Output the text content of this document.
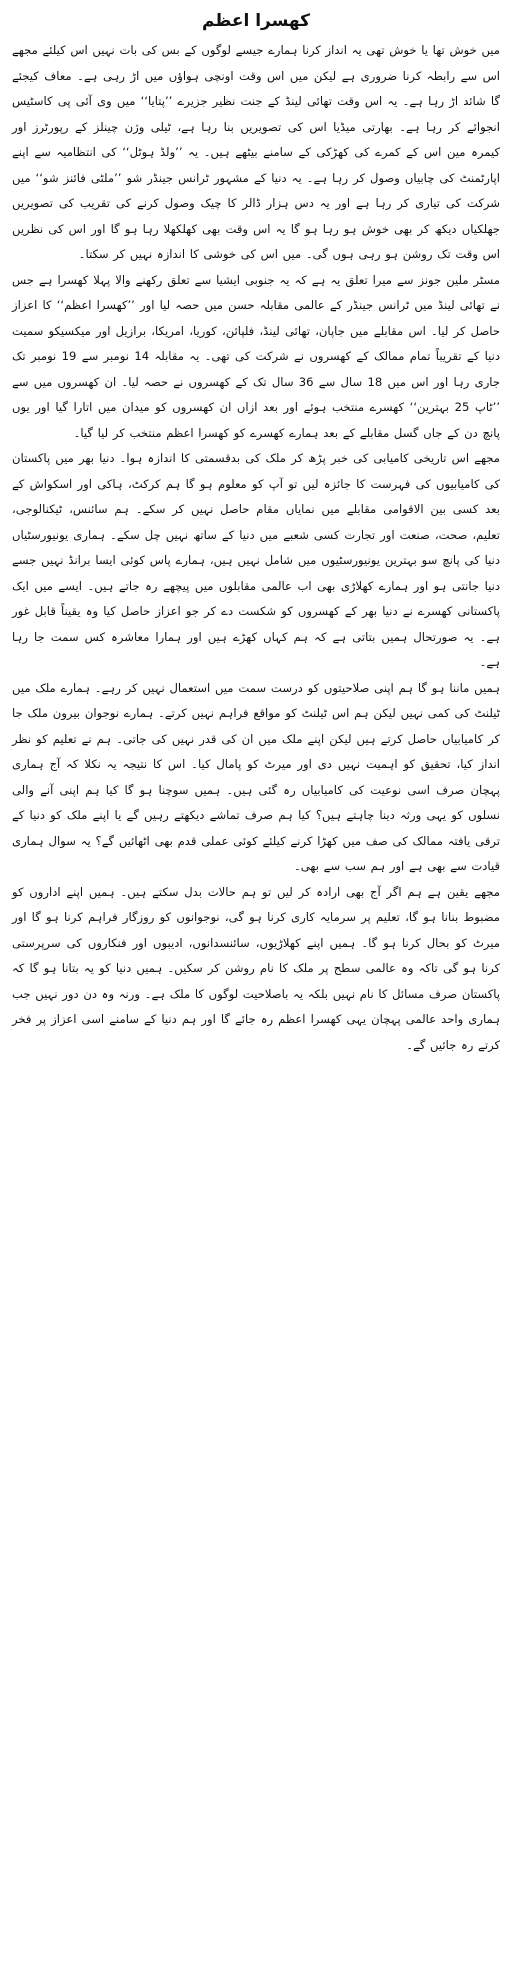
کھسرا اعظم

میں خوش تھا یا خوش تھی یہ انداز کرنا ہمارے جیسے لوگوں کے بس کی بات نہیں اس کیلئے مجھے اس سے رابطہ کرنا ضروری ہے لیکن میں اس وقت اونچی ہواؤں میں اڑ رہی ہے۔ معاف کیجئے گا شائد اڑ رہا ہے۔ یہ اس وقت تھائی لینڈ کے جنت نظیر جزیرے ’’پتایا‘‘ میں وی آئی پی کاسٹیس انجوائے کر رہا ہے۔ بھارتی میڈیا اس کی تصویریں بنا رہا ہے، ٹیلی وژن چینلز کے رپورٹرز اور کیمرہ مین اس کے کمرے کی کھڑکی کے سامنے بیٹھے ہیں۔ یہ ’’ولڈ ہوٹل‘‘ کی انتظامیہ سے اپنے اپارٹمنٹ کی چابیاں وصول کر رہا ہے۔ یہ دنیا کے مشہور ٹرانس جینڈر شو ’’ملٹی فائنز شو‘‘ میں شرکت کی تیاری کر رہا ہے اور یہ دس ہزار ڈالر کا چیک وصول کرنے کی تقریب کی تصویریں جھلکیاں دیکھ کر بھی خوش ہو رہا ہو گا یہ اس وقت بھی کھلکھلا رہا ہو گا اور اس کی نظریں اس وقت تک روشن ہو رہی ہوں گی۔ میں اس کی خوشی کا اندازہ نہیں کر سکتا۔

مسٹر ملین جونز سے میرا تعلق یہ ہے کہ یہ جنوبی ایشیا سے تعلق رکھنے والا پہلا کھسرا ہے جس نے تھائی لینڈ میں ٹرانس جینڈر کے عالمی مقابلہ حسن میں حصہ لیا اور ’’کھسرا اعظم‘‘ کا اعزاز حاصل کر لیا۔ اس مقابلے میں جاپان، تھائی لینڈ، فلپائن، کوریا، امریکا، برازیل اور میکسیکو سمیت دنیا کے تقریباً تمام ممالک کے کھسروں نے شرکت کی تھی۔ یہ مقابلہ 14 نومبر سے 19 نومبر تک جاری رہا اور اس میں 18 سال سے 36 سال تک کے کھسروں نے حصہ لیا۔ ان کھسروں میں سے ’’ٹاپ 25 بہترین‘‘ کھسرے منتخب ہوئے اور بعد ازاں ان کھسروں کو میدان میں اتارا گیا اور یوں پانچ دن کے جاں گسل مقابلے کے بعد ہمارے کھسرے کو کھسرا اعظم منتخب کر لیا گیا۔

مجھے اس تاریخی کامیابی کی خبر پڑھ کر ملک کی بدقسمتی کا اندازہ ہوا۔ دنیا بھر میں پاکستان کی کامیابیوں کی فہرست کا جائزہ لیں تو آپ کو معلوم ہو گا ہم کرکٹ، ہاکی اور اسکواش کے بعد کسی بین الاقوامی مقابلے میں نمایاں مقام حاصل نہیں کر سکے۔ ہم سائنس، ٹیکنالوجی، تعلیم، صحت، صنعت اور تجارت کسی شعبے میں دنیا کے ساتھ نہیں چل سکے۔ ہماری یونیورسٹیاں دنیا کی پانچ سو بہترین یونیورسٹیوں میں شامل نہیں ہیں، ہمارے پاس کوئی ایسا برانڈ نہیں جسے دنیا جانتی ہو اور ہمارے کھلاڑی بھی اب عالمی مقابلوں میں پیچھے رہ جاتے ہیں۔ ایسے میں ایک پاکستانی کھسرے نے دنیا بھر کے کھسروں کو شکست دے کر جو اعزاز حاصل کیا وہ یقیناً قابل غور ہے۔ یہ صورتحال ہمیں بتاتی ہے کہ ہم کہاں کھڑے ہیں اور ہمارا معاشرہ کس سمت جا رہا ہے۔

ہمیں ماننا ہو گا ہم اپنی صلاحیتوں کو درست سمت میں استعمال نہیں کر رہے۔ ہمارے ملک میں ٹیلنٹ کی کمی نہیں لیکن ہم اس ٹیلنٹ کو مواقع فراہم نہیں کرتے۔ ہمارے نوجوان بیرون ملک جا کر کامیابیاں حاصل کرتے ہیں لیکن اپنے ملک میں ان کی قدر نہیں کی جاتی۔ ہم نے تعلیم کو نظر انداز کیا، تحقیق کو اہمیت نہیں دی اور میرٹ کو پامال کیا۔ اس کا نتیجہ یہ نکلا کہ آج ہماری پہچان صرف اسی نوعیت کی کامیابیاں رہ گئی ہیں۔ ہمیں سوچنا ہو گا کیا ہم اپنی آنے والی نسلوں کو یہی ورثہ دینا چاہتے ہیں؟ کیا ہم صرف تماشے دیکھتے رہیں گے یا اپنے ملک کو دنیا کے ترقی یافتہ ممالک کی صف میں کھڑا کرنے کیلئے کوئی عملی قدم بھی اٹھائیں گے؟ یہ سوال ہماری قیادت سے بھی ہے اور ہم سب سے بھی۔

مجھے یقین ہے ہم اگر آج بھی ارادہ کر لیں تو ہم حالات بدل سکتے ہیں۔ ہمیں اپنے اداروں کو مضبوط بنانا ہو گا، تعلیم پر سرمایہ کاری کرنا ہو گی، نوجوانوں کو روزگار فراہم کرنا ہو گا اور میرٹ کو بحال کرنا ہو گا۔ ہمیں اپنے کھلاڑیوں، سائنسدانوں، ادیبوں اور فنکاروں کی سرپرستی کرنا ہو گی تاکہ وہ عالمی سطح پر ملک کا نام روشن کر سکیں۔ ہمیں دنیا کو یہ بتانا ہو گا کہ پاکستان صرف مسائل کا نام نہیں بلکہ یہ باصلاحیت لوگوں کا ملک ہے۔ ورنہ وہ دن دور نہیں جب ہماری واحد عالمی پہچان یہی کھسرا اعظم رہ جائے گا اور ہم دنیا کے سامنے اسی اعزاز پر فخر کرتے رہ جائیں گے۔
